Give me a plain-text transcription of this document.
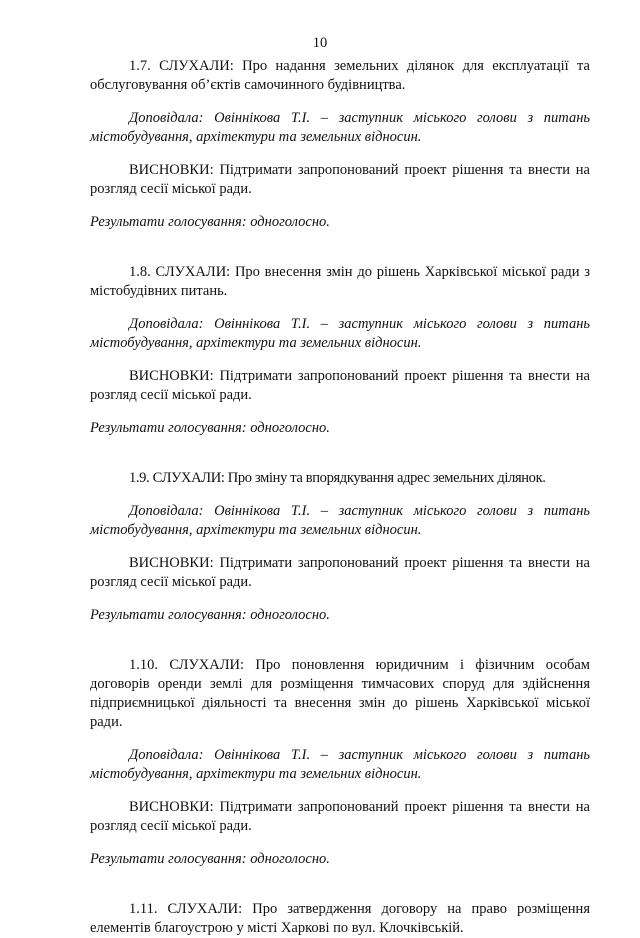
10

1.7. СЛУХАЛИ: Про надання земельних ділянок для експлуатації та обслуговування об’єктів самочинного будівництва.

Доповідала: Овіннікова Т.І. – заступник міського голови з питань містобудування, архітектури та земельних відносин.

ВИСНОВКИ: Підтримати запропонований проект рішення та внести на розгляд сесії міської ради.

Результати голосування: одноголосно.

1.8. СЛУХАЛИ: Про внесення змін до рішень Харківської міської ради з містобудівних питань.

Доповідала: Овіннікова Т.І. – заступник міського голови з питань містобудування, архітектури та земельних відносин.

ВИСНОВКИ: Підтримати запропонований проект рішення та внести на розгляд сесії міської ради.

Результати голосування: одноголосно.

1.9. СЛУХАЛИ: Про зміну та впорядкування адрес земельних ділянок.

Доповідала: Овіннікова Т.І. – заступник міського голови з питань містобудування, архітектури та земельних відносин.

ВИСНОВКИ: Підтримати запропонований проект рішення та внести на розгляд сесії міської ради.

Результати голосування: одноголосно.

1.10. СЛУХАЛИ: Про поновлення юридичним і фізичним особам договорів оренди землі для розміщення тимчасових споруд для здійснення підприємницької діяльності та внесення змін до рішень Харківської міської ради.

Доповідала: Овіннікова Т.І. – заступник міського голови з питань містобудування, архітектури та земельних відносин.

ВИСНОВКИ: Підтримати запропонований проект рішення та внести на розгляд сесії міської ради.

Результати голосування: одноголосно.

1.11. СЛУХАЛИ: Про затвердження договору на право розміщення елементів благоустрою у місті Харкові по вул. Клочківській.
